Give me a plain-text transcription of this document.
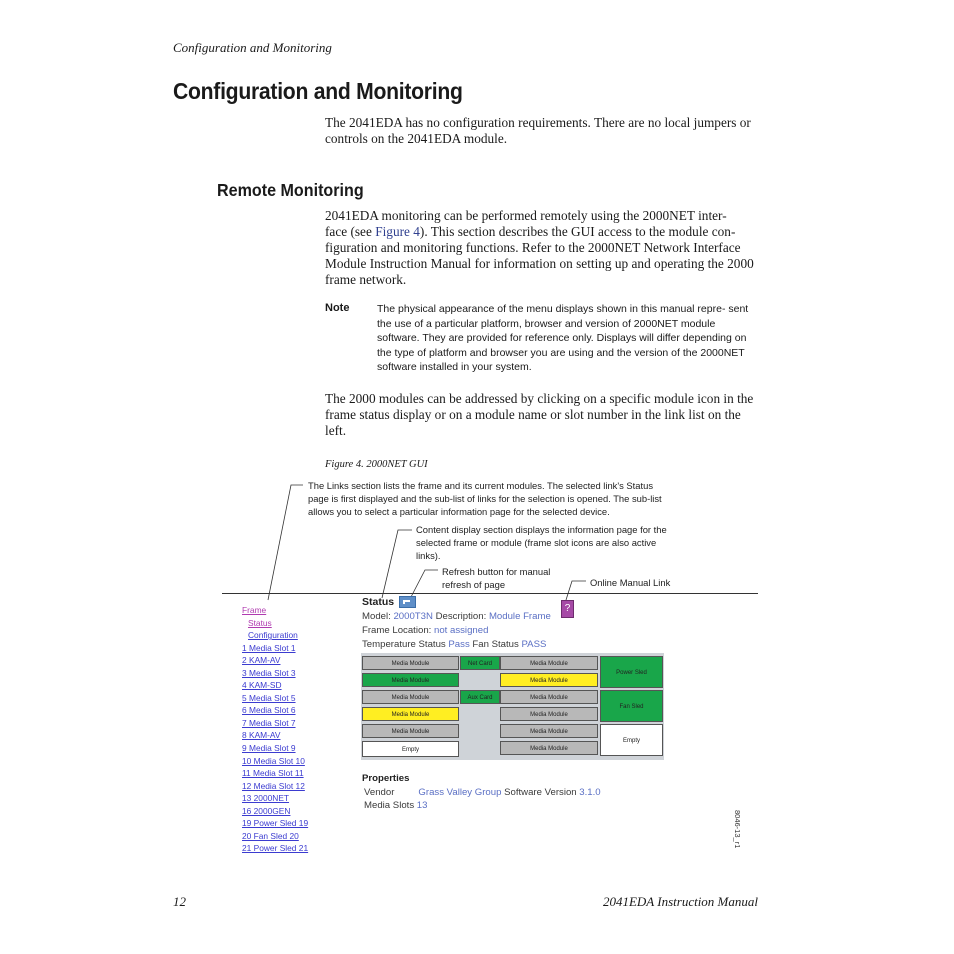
Configuration and Monitoring
Configuration and Monitoring
The 2041EDA has no configuration requirements. There are no local jumpers or controls on the 2041EDA module.
Remote Monitoring
2041EDA monitoring can be performed remotely using the 2000NET inter-
face (see Figure 4). This section describes the GUI access to the module con-
figuration and monitoring functions. Refer to the 2000NET Network Interface Module Instruction Manual for information on setting up and operating the 2000 frame network.
Note	The physical appearance of the menu displays shown in this manual repre- sent the use of a particular platform, browser and version of 2000NET module software. They are provided for reference only. Displays will differ depending on the type of platform and browser you are using and the version of the 2000NET software installed in your system.
The 2000 modules can be addressed by clicking on a specific module icon in the frame status display or on a module name or slot number in the link list on the left.
Figure 4. 2000NET GUI
The Links section lists the frame and its current modules. The selected link's Status page is first displayed and the sub-list of links for the selection is opened. The sub-list allows you to select a particular information page for the selected device.
Content display section displays the information page for the selected frame or module (frame slot icons are also active links).
Refresh button for manual refresh of page	Online Manual Link
Frame
Status
Configuration
1 Media Slot 1
2 KAM-AV
3 Media Slot 3
4 KAM-SD
5 Media Slot 5
6 Media Slot 6
7 Media Slot 7
8 KAM-AV
9 Media Slot 9
10 Media Slot 10
11 Media Slot 11
12 Media Slot 12
13 2000NET
16 2000GEN
19 Power Sled 19
20 Fan Sled 20
21 Power Sled 21
Status
?
Model: 2000T3N Description: Module Frame
Frame Location: not assigned
Temperature Status Pass Fan Status PASS
Media Module
Media Module
Media Module
Media Module
Media Module
Empty
Net Card
Aux Card
Media Module
Media Module
Media Module
Media Module
Media Module
Media Module
Power Sled
Fan Sled
Empty
Properties
Vendor	Grass Valley Group Software Version 3.1.0
Media Slots 13
8046-13_r1
12	2041EDA Instruction Manual
